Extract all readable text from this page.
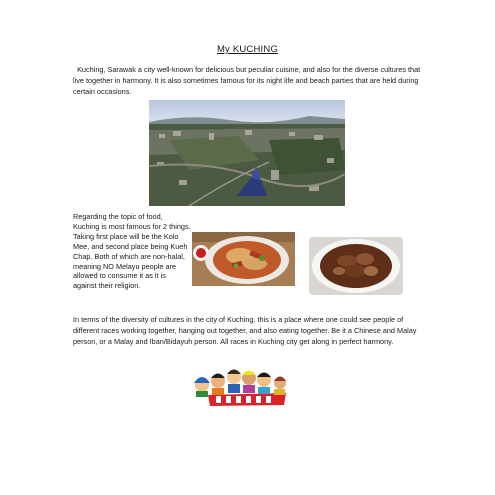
My KUCHING
Kuching, Sarawak a city well-known for delicious but peculiar cuisine, and also for the diverse cultures that live together in harmony. It is also sometimes famous for its night life and beach parties that are held during certain occasions.
Regarding the topic of food, Kuching is most famous for 2 things. Taking first place will be the Kolo Mee, and second place being Kueh Chap. Both of which are non-halal, meaning NO Melayu people are allowed to consume it as it is against their religion.
In terms of the diversity of cultures in the city of Kuching, this is a place where one could see people of different races working together, hanging out together, and also eating together. Be it a Chinese and Malay person, or a Malay and Iban/Bidayuh person. All races in Kuching city get along in perfect harmony.
